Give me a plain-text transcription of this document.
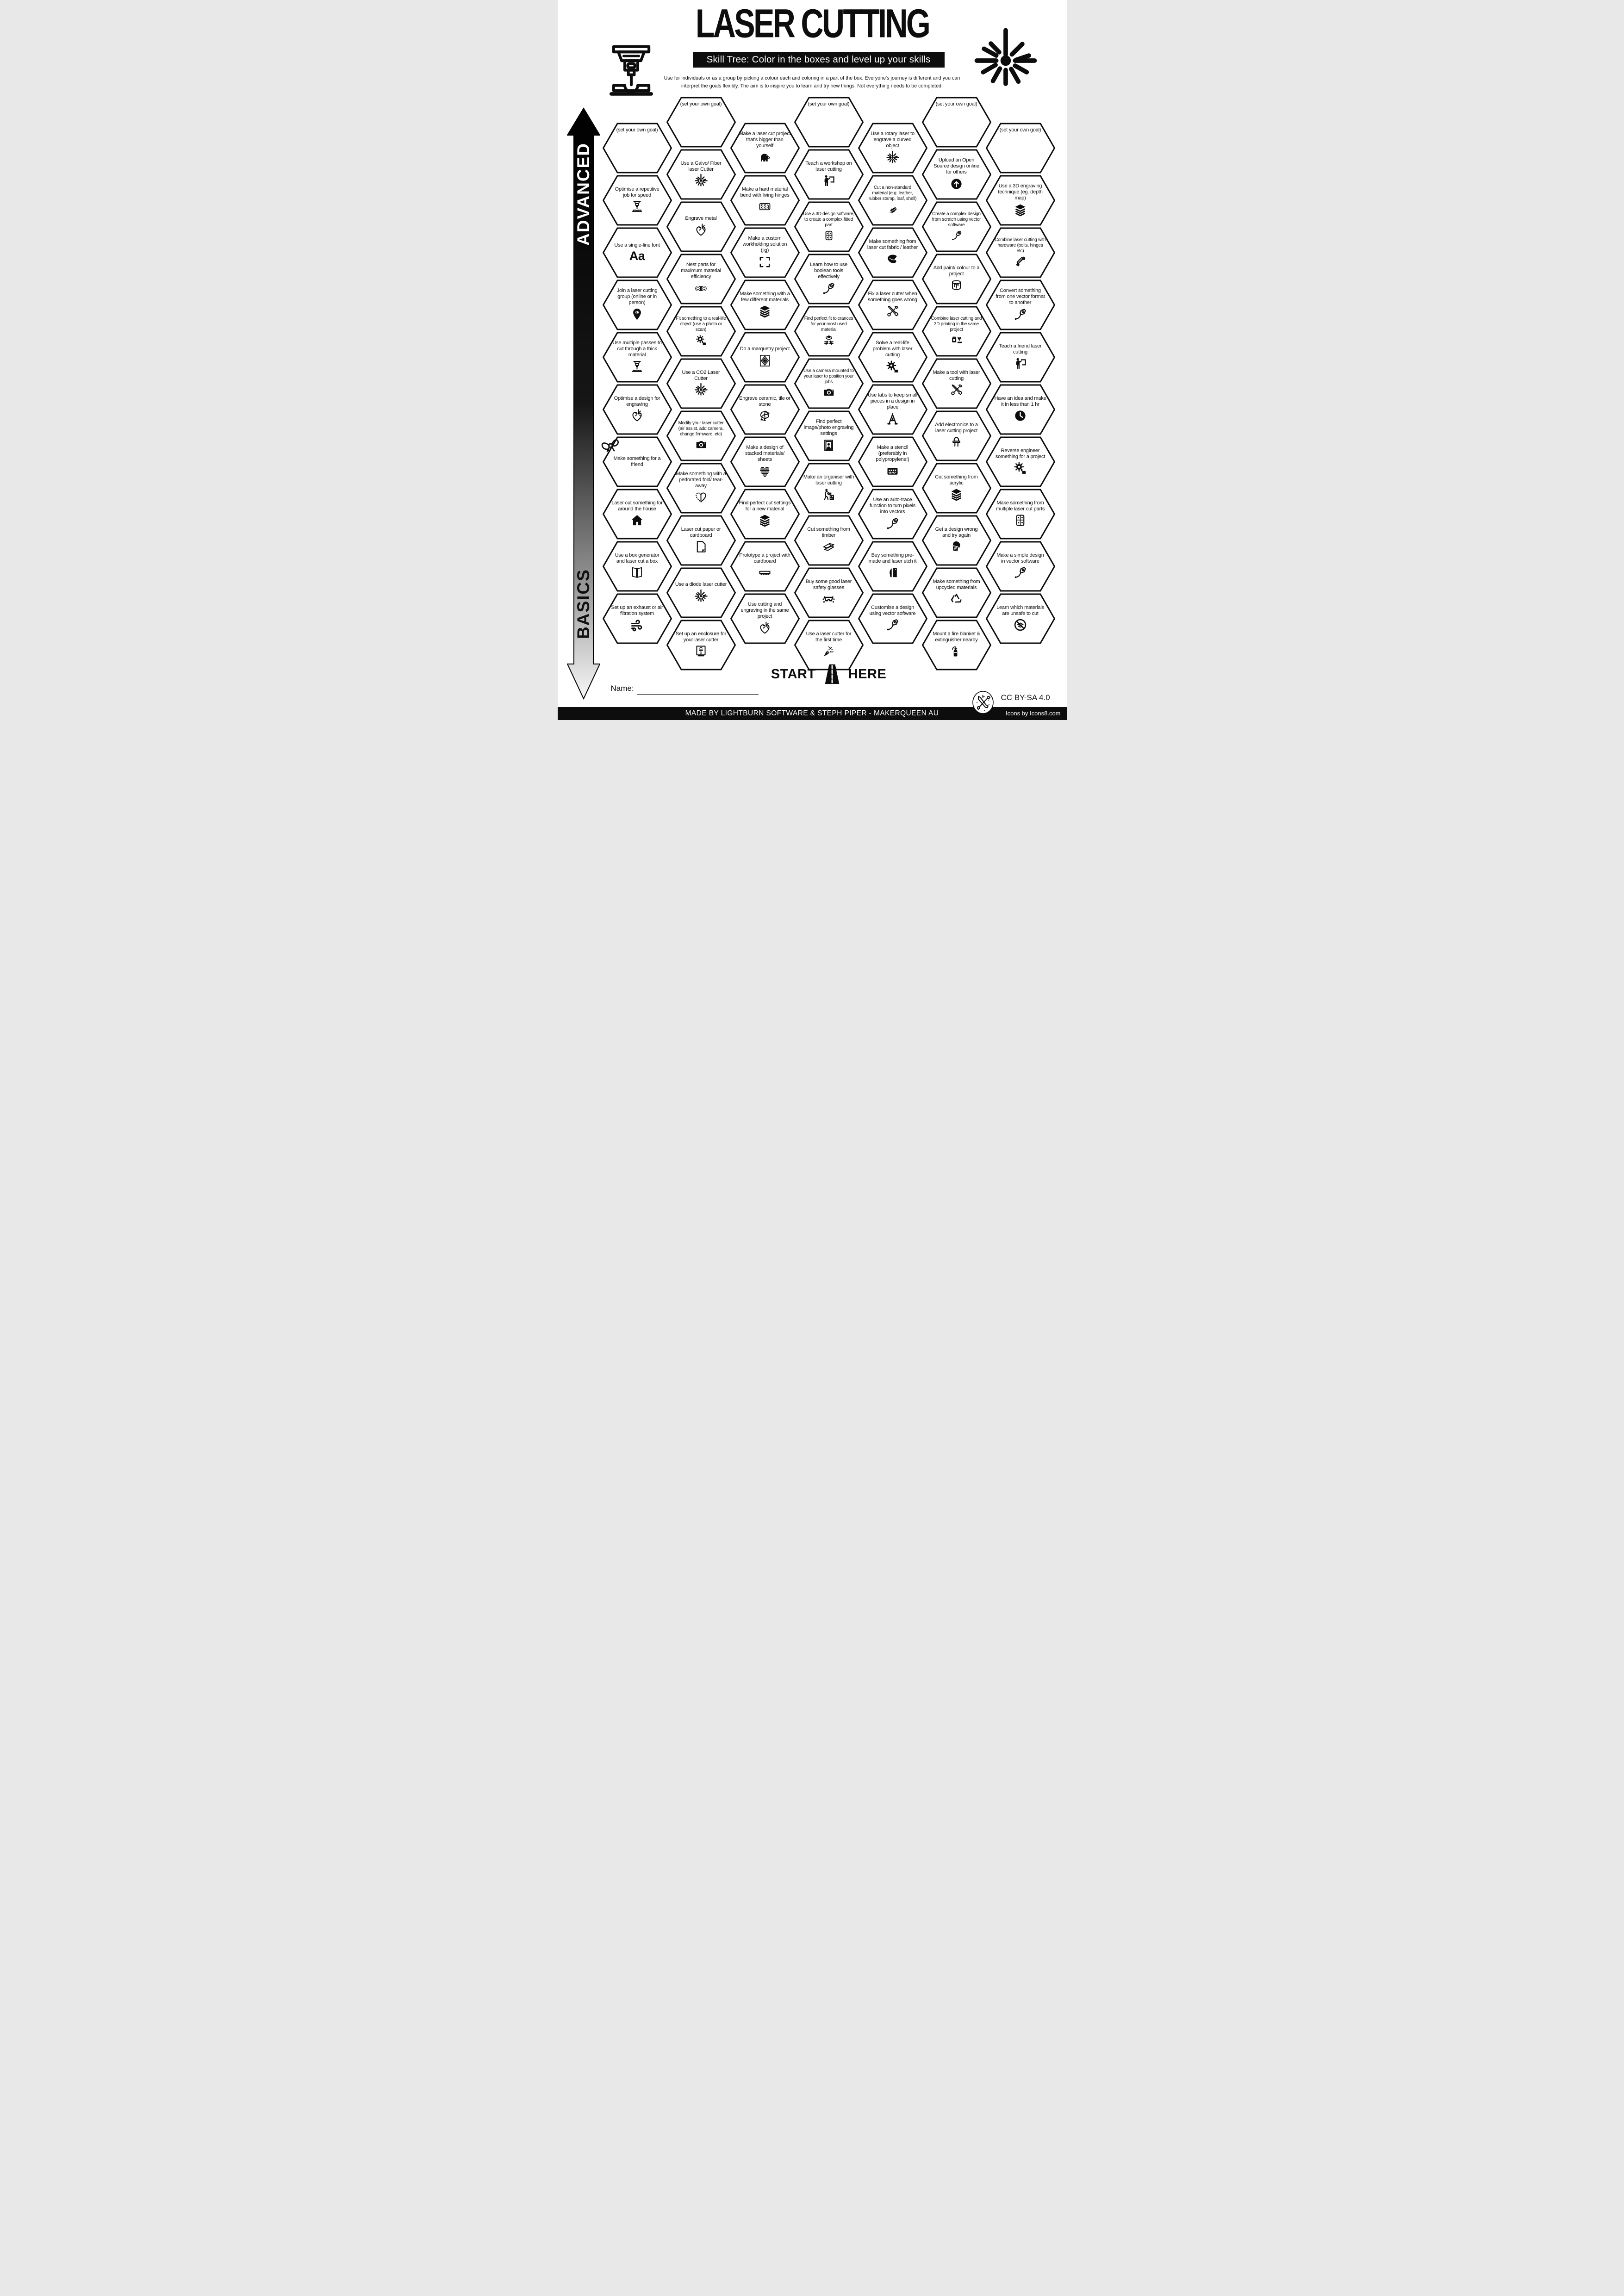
LASER CUTTING
Skill Tree: Color in the boxes and level up your skills
Use for individuals or as a group by picking a colour each and coloring in a part of the box. Everyone's journey is different and you can
interpret the goals flexibly. The aim is to inspire you to learn and try new things. Not everything needs to be completed.
ADVANCED
BASICS
(set your own goal)
Optimise a repetitive job for speed
Use a single-line font
Aa
Join a laser cutting group (online or in person)
Use multiple passes to cut through a thick material
Optimise a design for engraving
Make something for a friend
Laser cut something for around the house
Use a box generator and laser cut a box
Set up an exhaust or air filtration system
(set your own goal)
Use a Galvo/ Fiber laser Cutter
Engrave metal
Nest parts for maximum material efficiency
Fit something to a real-life object (use a photo or scan)
Use a CO2 Laser Cutter
Modify your laser cutter (air assist, add camera, change firmware, etc)
Make something with a perforated fold/ tear-away
Laser cut paper or cardboard
Use a diode laser cutter
Set up an enclosure for your laser cutter
Make a laser cut project that's bigger than yourself
Make a hard material bend with living hinges
Make a custom workholding solution (jig)
Make something with a few different materials
Do a marquetry project
Engrave ceramic, tile or stone
Make a design of stacked materials/ sheets
Find perfect cut settings for a new material
Prototype a project with cardboard
Use cutting and engraving in the same project
(set your own goal)
Teach a workshop on laser cutting
Use a 3D design software, to create a complex fitted part
Learn how to use boolean tools effectively
Find perfect fit tolerances for your most used material
Use a camera mounted to your laser to position your jobs
Find perfect image/photo engraving settings
Make an organiser with laser cutting
Cut something from timber
Buy some good laser safety glasses
Use a laser cutter for the first time
Use a rotary laser to engrave a curved object
Cut a non-standard material (e.g. leather, rubber stamp, leaf, shell)
Make something from laser cut fabric / leather
Fix a laser cutter when something goes wrong
Solve a real-life problem with laser cutting
Use tabs to keep small pieces in a design in place
Make a stencil (preferably in polypropylene!)
Use an auto-trace function to turn pixels into vectors
Buy something pre-made and laser etch it
Customise a design using vector software
(set your own goal)
Upload an Open Source design online for others
Create a complex design from scratch using vector software
Add paint/ colour to a project
Combine laser cutting and 3D printing in the same project
Make a tool with laser cutting
Add electronics to a laser cutting project
Cut something from acrylic
Get a design wrong and try again
Make something from upcycled materials
Mount a fire blanket & extinguisher nearby
(set your own goal)
Use a 3D engraving technique (eg. depth map)
Combine laser cutting with hardware (bolts, hinges etc)
Convert something from one vector format to another
Teach a friend laser cutting
Have an idea and make it in less than 1 hr
Reverse engineer something for a project
Make something from multiple laser cut parts
Make a simple design in vector software
Learn which materials are unsafe to cut
START HERE
Name:
CC BY-SA 4.0
MADE BY LIGHTBURN SOFTWARE & STEPH PIPER - MAKERQUEEN AU	Icons by Icons8.com
